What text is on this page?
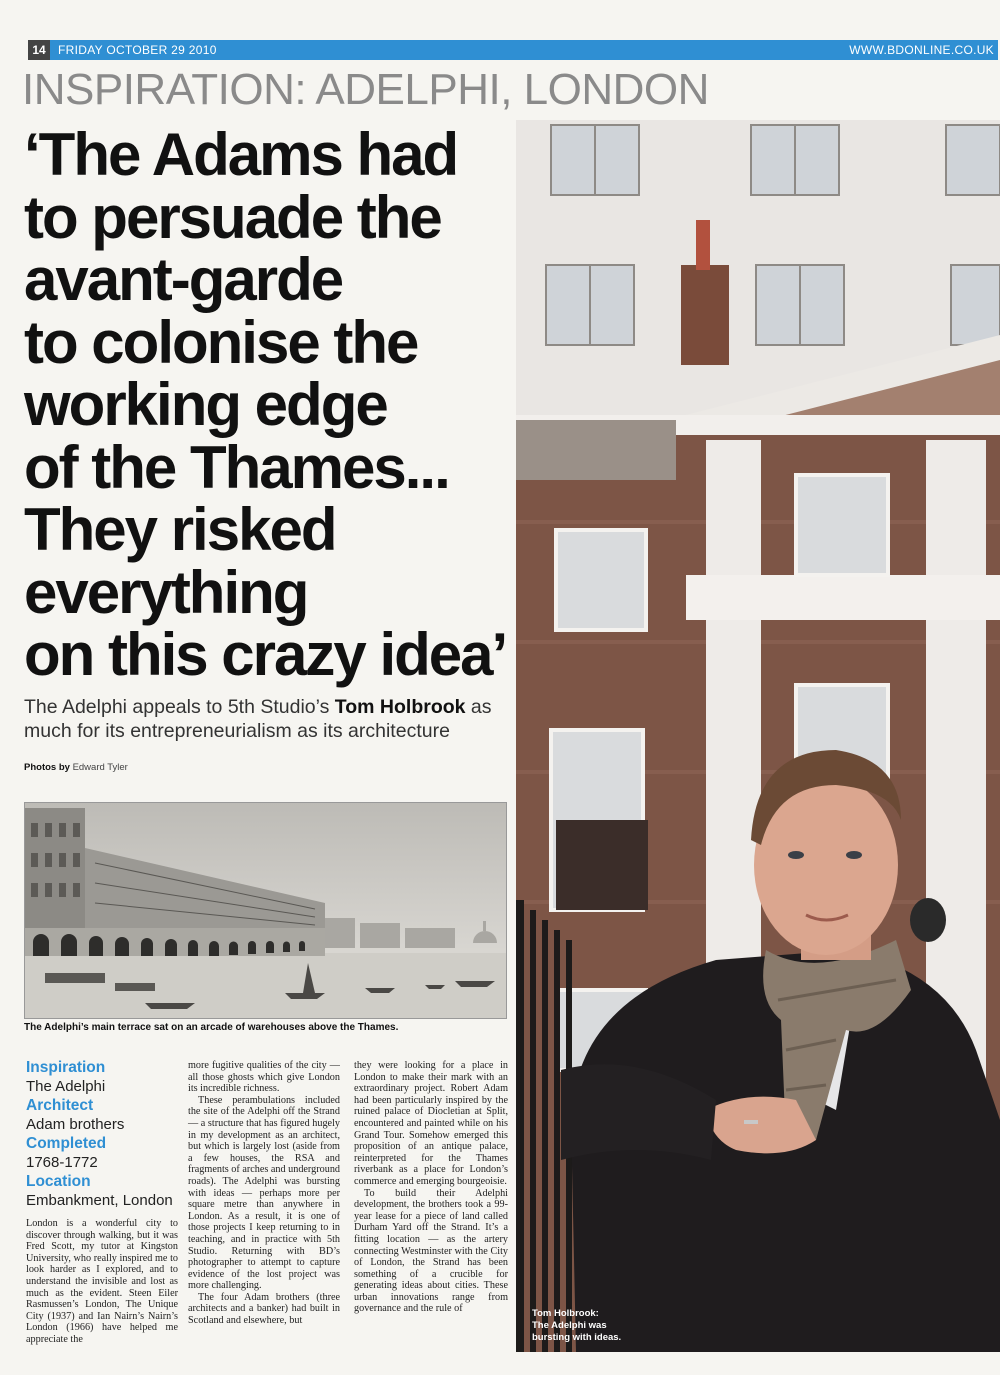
14	FRIDAY OCTOBER 29 2010	WWW.BDONLINE.CO.UK
INSPIRATION: ADELPHI, LONDON
‘The Adams had
to persuade the
avant-garde
to colonise the
working edge
of the Thames...
They risked
everything
on this crazy idea’
The Adelphi appeals to 5th Studio’s Tom Holbrook as much for its entrepreneurialism as its architecture
Photos by Edward Tyler
The Adelphi’s main terrace sat on an arcade of warehouses above the Thames.
Inspiration
The Adelphi
Architect
Adam brothers
Completed
1768-1772
Location
Embankment, London

London is a wonderful city to discover through walking, but it was Fred Scott, my tutor at Kingston University, who really inspired me to look harder as I explored, and to understand the invisible and lost as much as the evident. Steen Eiler Rasmussen’s London, The Unique City (1937) and Ian Nairn’s Nairn’s London (1966) have helped me appreciate the

more fugitive qualities of the city — all those ghosts which give London its incredible richness.

These perambulations included the site of the Adelphi off the Strand — a structure that has figured hugely in my development as an architect, but which is largely lost (aside from a few houses, the RSA and fragments of arches and underground roads). The Adelphi was bursting with ideas — perhaps more per square metre than anywhere in London. As a result, it is one of those projects I keep returning to in teaching, and in practice with 5th Studio. Returning with BD’s photographer to attempt to capture evidence of the lost project was more challenging.

The four Adam brothers (three architects and a banker) had built in Scotland and elsewhere, but

they were looking for a place in London to make their mark with an extraordinary project. Robert Adam had been particularly inspired by the ruined palace of Diocletian at Split, encountered and painted while on his Grand Tour. Somehow emerged this proposition of an antique palace, reinterpreted for the Thames riverbank as a place for London’s commerce and emerging bourgeoisie.

To build their Adelphi development, the brothers took a 99-year lease for a piece of land called Durham Yard off the Strand. It’s a fitting location — as the artery connecting Westminster with the City of London, the Strand has been something of a crucible for generating ideas about cities. These urban innovations range from governance and the rule of	Tom Holbrook:
The Adelphi was
bursting with ideas.
